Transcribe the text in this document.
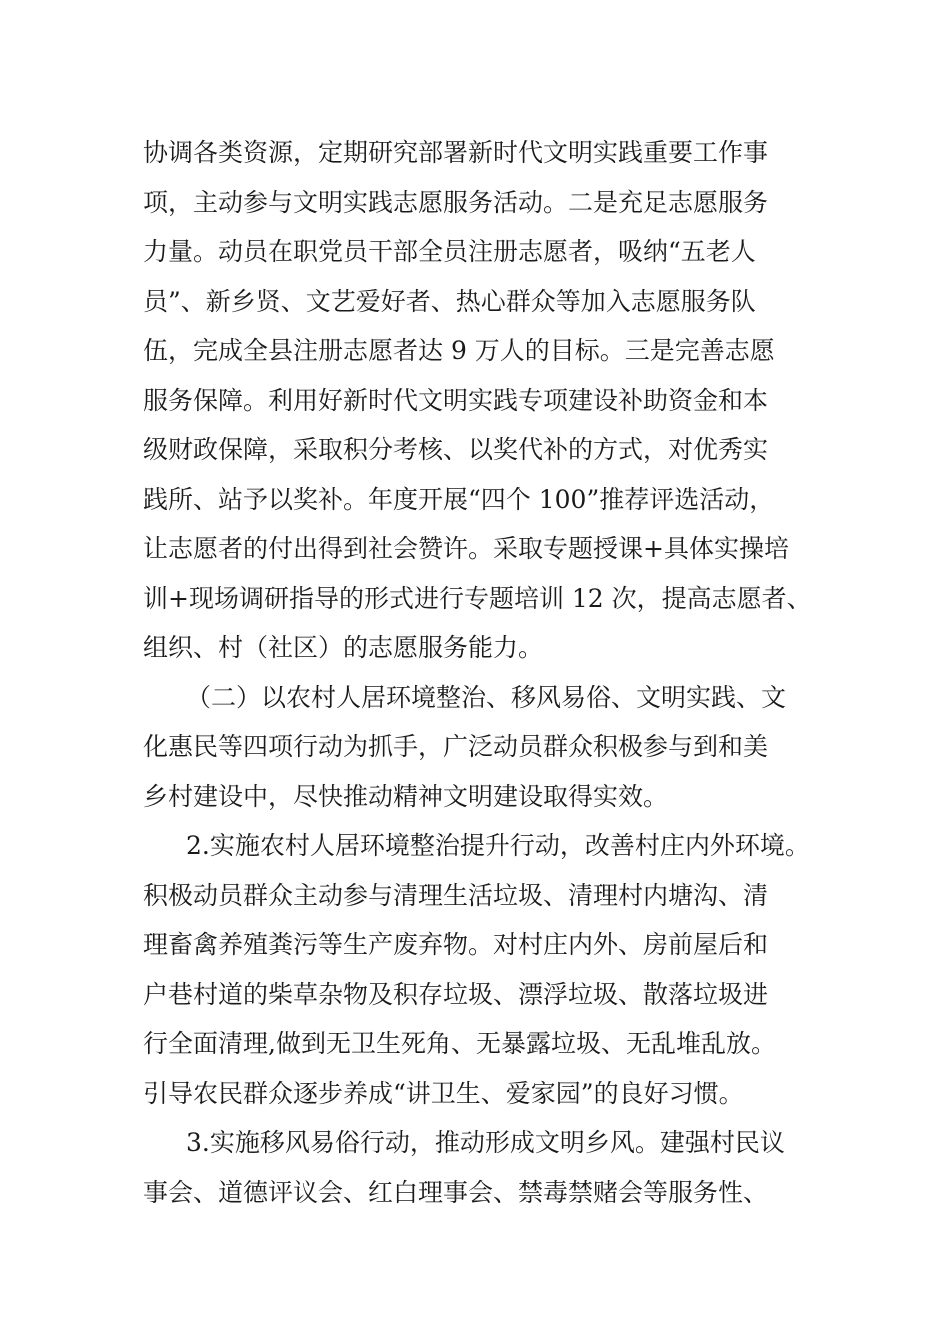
协调各类资源，定期研究部署新时代文明实践重要工作事
项，主动参与文明实践志愿服务活动。二是充足志愿服务
力量。动员在职党员干部全员注册志愿者，吸纳“五老人
员”、新乡贤、文艺爱好者、热心群众等加入志愿服务队
伍，完成全县注册志愿者达 9 万人的目标。三是完善志愿
服务保障。利用好新时代文明实践专项建设补助资金和本
级财政保障，采取积分考核、以奖代补的方式，对优秀实
践所、站予以奖补。年度开展“四个 100”推荐评选活动，
让志愿者的付出得到社会赞许。采取专题授课+具体实操培
训+现场调研指导的形式进行专题培训 12 次，提高志愿者、
组织、村（社区）的志愿服务能力。
（二）以农村人居环境整治、移风易俗、文明实践、文
化惠民等四项行动为抓手，广泛动员群众积极参与到和美
乡村建设中，尽快推动精神文明建设取得实效。
2.实施农村人居环境整治提升行动，改善村庄内外环境。
积极动员群众主动参与清理生活垃圾、清理村内塘沟、清
理畜禽养殖粪污等生产废弃物。对村庄内外、房前屋后和
户巷村道的柴草杂物及积存垃圾、漂浮垃圾、散落垃圾进
行全面清理,做到无卫生死角、无暴露垃圾、无乱堆乱放。
引导农民群众逐步养成“讲卫生、爱家园”的良好习惯。
3.实施移风易俗行动，推动形成文明乡风。建强村民议
事会、道德评议会、红白理事会、禁毒禁赌会等服务性、
